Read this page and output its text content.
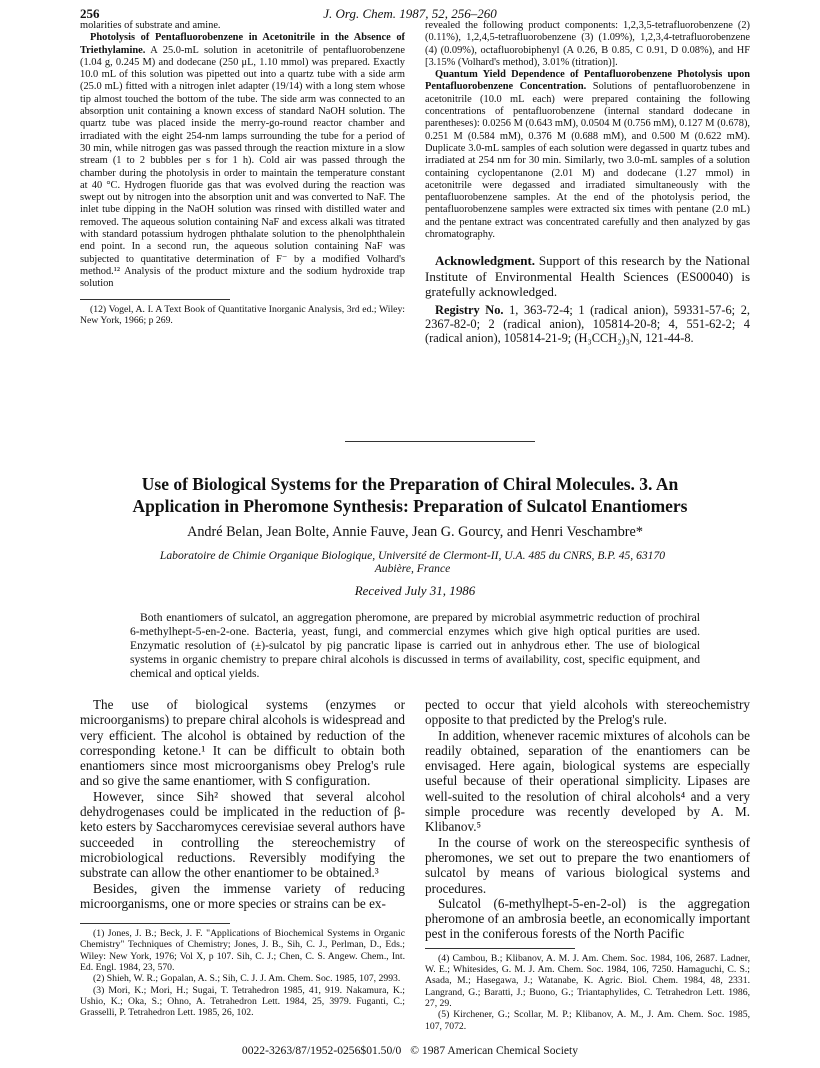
256	J. Org. Chem. 1987, 52, 256–260

molarities of substrate and amine.

Photolysis of Pentafluorobenzene in Acetonitrile in the Absence of Triethylamine. A 25.0-mL solution in acetonitrile of pentafluorobenzene (1.04 g, 0.245 M) and dodecane (250 μL, 1.10 mmol) was prepared. Exactly 10.0 mL of this solution was pipetted out into a quartz tube with a side arm (25.0 mL) fitted with a nitrogen inlet adapter (19/14) with a long stem whose tip almost touched the bottom of the tube. The side arm was connected to an absorption unit containing a known excess of standard NaOH solution. The quartz tube was placed inside the merry-go-round reactor chamber and irradiated with the eight 254-nm lamps surrounding the tube for a period of 30 min, while nitrogen gas was passed through the reaction mixture in a slow stream (1 to 2 bubbles per s for 1 h). Cold air was passed through the chamber during the photolysis in order to maintain the temperature constant at 40 °C. Hydrogen fluoride gas that was evolved during the reaction was swept out by nitrogen into the absorption unit and was converted to NaF. The inlet tube dipping in the NaOH solution was rinsed with distilled water and removed. The aqueous solution containing NaF and excess alkali was titrated with standard potassium hydrogen phthalate solution to the phenolphthalein end point. In a second run, the aqueous solution containing NaF was subjected to quantitative determination of F⁻ by a modified Volhard's method.¹² Analysis of the product mixture and the sodium hydroxide trap solution

(12) Vogel, A. I. A Text Book of Quantitative Inorganic Analysis, 3rd ed.; Wiley: New York, 1966; p 269.

revealed the following product components: 1,2,3,5-tetrafluorobenzene (2) (0.11%), 1,2,4,5-tetrafluorobenzene (3) (1.09%), 1,2,3,4-tetrafluorobenzene (4) (0.09%), octafluorobiphenyl (A 0.26, B 0.85, C 0.91, D 0.08%), and HF [3.15% (Volhard's method), 3.01% (titration)].

Quantum Yield Dependence of Pentafluorobenzene Photolysis upon Pentafluorobenzene Concentration. Solutions of pentafluorobenzene in acetonitrile (10.0 mL each) were prepared containing the following concentrations of pentafluorobenzene (internal standard dodecane in parentheses): 0.0256 M (0.643 mM), 0.0504 M (0.756 mM), 0.127 M (0.678), 0.251 M (0.584 mM), 0.376 M (0.688 mM), and 0.500 M (0.622 mM). Duplicate 3.0-mL samples of each solution were degassed in quartz tubes and irradiated at 254 nm for 30 min. Similarly, two 3.0-mL samples of a solution containing cyclopentanone (2.01 M) and dodecane (1.27 mmol) in acetonitrile were degassed and irradiated simultaneously with the pentafluorobenzene samples. At the end of the photolysis period, the pentafluorobenzene samples were extracted six times with pentane (2.0 mL) and the pentane extract was concentrated carefully and then analyzed by gas chromatography.

Acknowledgment. Support of this research by the National Institute of Environmental Health Sciences (ES00040) is gratefully acknowledged.

Registry No. 1, 363-72-4; 1 (radical anion), 59331-57-6; 2, 2367-82-0; 2 (radical anion), 105814-20-8; 4, 551-62-2; 4 (radical anion), 105814-21-9; (H₃CCH₂)₃N, 121-44-8.

Use of Biological Systems for the Preparation of Chiral Molecules. 3. An Application in Pheromone Synthesis: Preparation of Sulcatol Enantiomers
André Belan, Jean Bolte, Annie Fauve, Jean G. Gourcy, and Henri Veschambre*
Laboratoire de Chimie Organique Biologique, Université de Clermont-II, U.A. 485 du CNRS, B.P. 45, 63170 Aubière, France
Received July 31, 1986
Both enantiomers of sulcatol, an aggregation pheromone, are prepared by microbial asymmetric reduction of prochiral 6-methylhept-5-en-2-one. Bacteria, yeast, fungi, and commercial enzymes which give high optical purities are used. Enzymatic resolution of (±)-sulcatol by pig pancratic lipase is carried out in anhydrous ether. The use of biological systems in organic chemistry to prepare chiral alcohols is discussed in terms of availability, cost, specific equipment, and chemical and optical yields.

The use of biological systems (enzymes or microorganisms) to prepare chiral alcohols is widespread and very efficient. The alcohol is obtained by reduction of the corresponding ketone.¹ It can be difficult to obtain both enantiomers since most microorganisms obey Prelog's rule and so give the same enantiomer, with S configuration.

However, since Sih² showed that several alcohol dehydrogenases could be implicated in the reduction of β-keto esters by Saccharomyces cerevisiae several authors have succeeded in controlling the stereochemistry of microbiological reductions. Reversibly modifying the substrate can allow the other enantiomer to be obtained.³

Besides, given the immense variety of reducing microorganisms, one or more species or strains can be ex-

(1) Jones, J. B.; Beck, J. F. "Applications of Biochemical Systems in Organic Chemistry" Techniques of Chemistry; Jones, J. B., Sih, C. J., Perlman, D., Eds.; Wiley: New York, 1976; Vol X, p 107. Sih, C. J.; Chen, C. S. Angew. Chem., Int. Ed. Engl. 1984, 23, 570.

(2) Shieh, W. R.; Gopalan, A. S.; Sih, C. J. J. Am. Chem. Soc. 1985, 107, 2993.

(3) Mori, K.; Mori, H.; Sugai, T. Tetrahedron 1985, 41, 919. Nakamura, K.; Ushio, K.; Oka, S.; Ohno, A. Tetrahedron Lett. 1984, 25, 3979. Fuganti, C.; Grasselli, P. Tetrahedron Lett. 1985, 26, 102.

pected to occur that yield alcohols with stereochemistry opposite to that predicted by the Prelog's rule.

In addition, whenever racemic mixtures of alcohols can be readily obtained, separation of the enantiomers can be envisaged. Here again, biological systems are especially useful because of their operational simplicity. Lipases are well-suited to the resolution of chiral alcohols⁴ and a very simple procedure was recently developed by A. M. Klibanov.⁵

In the course of work on the stereospecific synthesis of pheromones, we set out to prepare the two enantiomers of sulcatol by means of various biological systems and procedures.

Sulcatol (6-methylhept-5-en-2-ol) is the aggregation pheromone of an ambrosia beetle, an economically important pest in the coniferous forests of the North Pacific

(4) Cambou, B.; Klibanov, A. M. J. Am. Chem. Soc. 1984, 106, 2687. Ladner, W. E.; Whitesides, G. M. J. Am. Chem. Soc. 1984, 106, 7250. Hamaguchi, C. S.; Asada, M.; Hasegawa, J.; Watanabe, K. Agric. Biol. Chem. 1984, 48, 2331. Langrand, G.; Baratti, J.; Buono, G.; Triantaphylides, C. Tetrahedron Lett. 1986, 27, 29.

(5) Kirchener, G.; Scollar, M. P.; Klibanov, A. M., J. Am. Chem. Soc. 1985, 107, 7072.

0022-3263/87/1952-0256$01.50/0 © 1987 American Chemical Society
